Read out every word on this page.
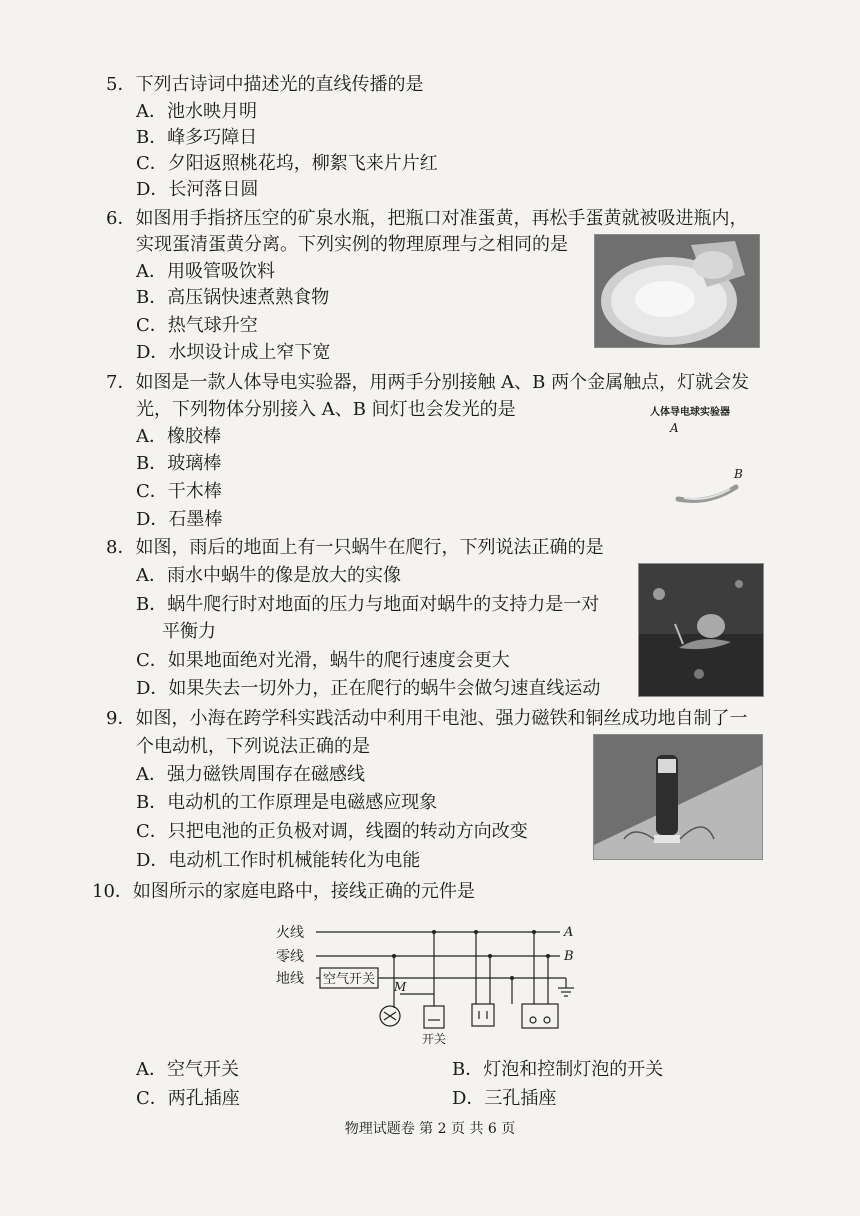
5．下列古诗词中描述光的直线传播的是
A．池水映月明
B．峰多巧障日
C．夕阳返照桃花坞，柳絮飞来片片红
D．长河落日圆
6．如图用手指挤压空的矿泉水瓶，把瓶口对准蛋黄，再松手蛋黄就被吸进瓶内，
实现蛋清蛋黄分离。下列实例的物理原理与之相同的是
A．用吸管吸饮料
B．高压锅快速煮熟食物
C．热气球升空
D．水坝设计成上窄下宽
7．如图是一款人体导电实验器，用两手分别接触 A、B 两个金属触点，灯就会发
光，下列物体分别接入 A、B 间灯也会发光的是
A．橡胶棒
B．玻璃棒
C．干木棒
D．石墨棒
人体导电球实验器
A
B
8．如图，雨后的地面上有一只蜗牛在爬行，下列说法正确的是
A．雨水中蜗牛的像是放大的实像
B．蜗牛爬行时对地面的压力与地面对蜗牛的支持力是一对
平衡力
C．如果地面绝对光滑，蜗牛的爬行速度会更大
D．如果失去一切外力，正在爬行的蜗牛会做匀速直线运动
9．如图，小海在跨学科实践活动中利用干电池、强力磁铁和铜丝成功地自制了一
个电动机，下列说法正确的是
A．强力磁铁周围存在磁感线
B．电动机的工作原理是电磁感应现象
C．只把电池的正负极对调，线圈的转动方向改变
D．电动机工作时机械能转化为电能
10．如图所示的家庭电路中，接线正确的元件是
火线
零线
地线 空气开关 M
开关
A
B
A．空气开关	B．灯泡和控制灯泡的开关
C．两孔插座	D．三孔插座
物理试题卷 第 2 页 共 6 页
